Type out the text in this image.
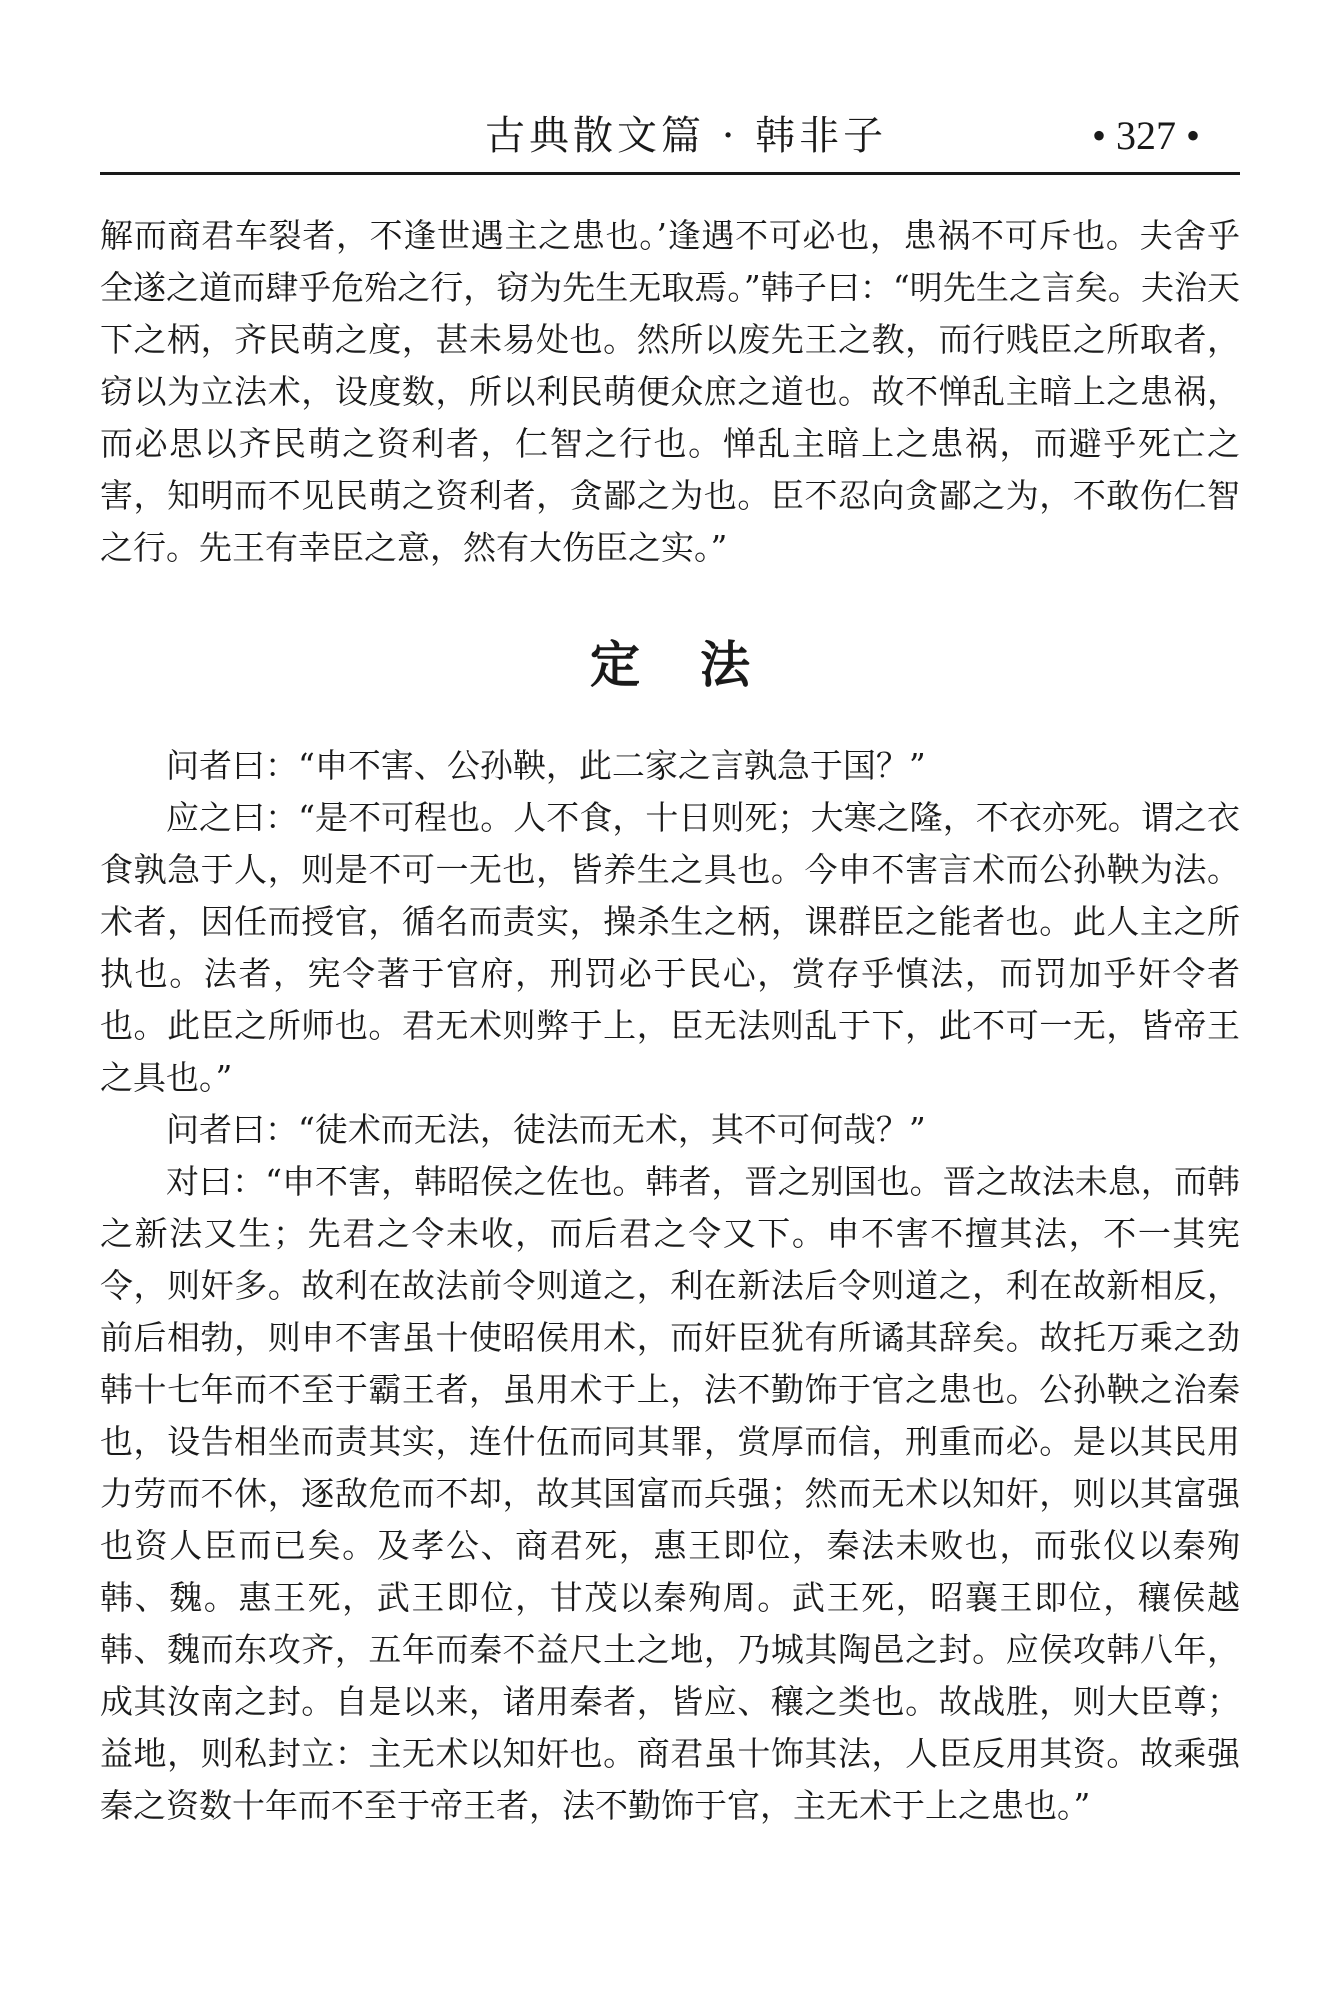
古典散文篇 · 韩非子	• 327 •

解而商君车裂者，不逢世遇主之患也。’逢遇不可必也，患祸不可斥也。夫舍乎全遂之道而肆乎危殆之行，窃为先生无取焉。”韩子曰：“明先生之言矣。夫治天下之柄，齐民萌之度，甚未易处也。然所以废先王之教，而行贱臣之所取者，窃以为立法术，设度数，所以利民萌便众庶之道也。故不惮乱主暗上之患祸，而必思以齐民萌之资利者，仁智之行也。惮乱主暗上之患祸，而避乎死亡之害，知明而不见民萌之资利者，贪鄙之为也。臣不忍向贪鄙之为，不敢伤仁智之行。先王有幸臣之意，然有大伤臣之实。”

定法

问者曰：“申不害、公孙鞅，此二家之言孰急于国？”

应之曰：“是不可程也。人不食，十日则死；大寒之隆，不衣亦死。谓之衣食孰急于人，则是不可一无也，皆养生之具也。今申不害言术而公孙鞅为法。术者，因任而授官，循名而责实，操杀生之柄，课群臣之能者也。此人主之所执也。法者，宪令著于官府，刑罚必于民心，赏存乎慎法，而罚加乎奸令者也。此臣之所师也。君无术则弊于上，臣无法则乱于下，此不可一无，皆帝王之具也。”

问者曰：“徒术而无法，徒法而无术，其不可何哉？”

对曰：“申不害，韩昭侯之佐也。韩者，晋之别国也。晋之故法未息，而韩之新法又生；先君之令未收，而后君之令又下。申不害不擅其法，不一其宪令，则奸多。故利在故法前令则道之，利在新法后令则道之，利在故新相反，前后相勃，则申不害虽十使昭侯用术，而奸臣犹有所谲其辞矣。故托万乘之劲韩十七年而不至于霸王者，虽用术于上，法不勤饰于官之患也。公孙鞅之治秦也，设告相坐而责其实，连什伍而同其罪，赏厚而信，刑重而必。是以其民用力劳而不休，逐敌危而不却，故其国富而兵强；然而无术以知奸，则以其富强也资人臣而已矣。及孝公、商君死，惠王即位，秦法未败也，而张仪以秦殉韩、魏。惠王死，武王即位，甘茂以秦殉周。武王死，昭襄王即位，穰侯越韩、魏而东攻齐，五年而秦不益尺土之地，乃城其陶邑之封。应侯攻韩八年，成其汝南之封。自是以来，诸用秦者，皆应、穰之类也。故战胜，则大臣尊；益地，则私封立：主无术以知奸也。商君虽十饰其法，人臣反用其资。故乘强秦之资数十年而不至于帝王者，法不勤饰于官，主无术于上之患也。”
